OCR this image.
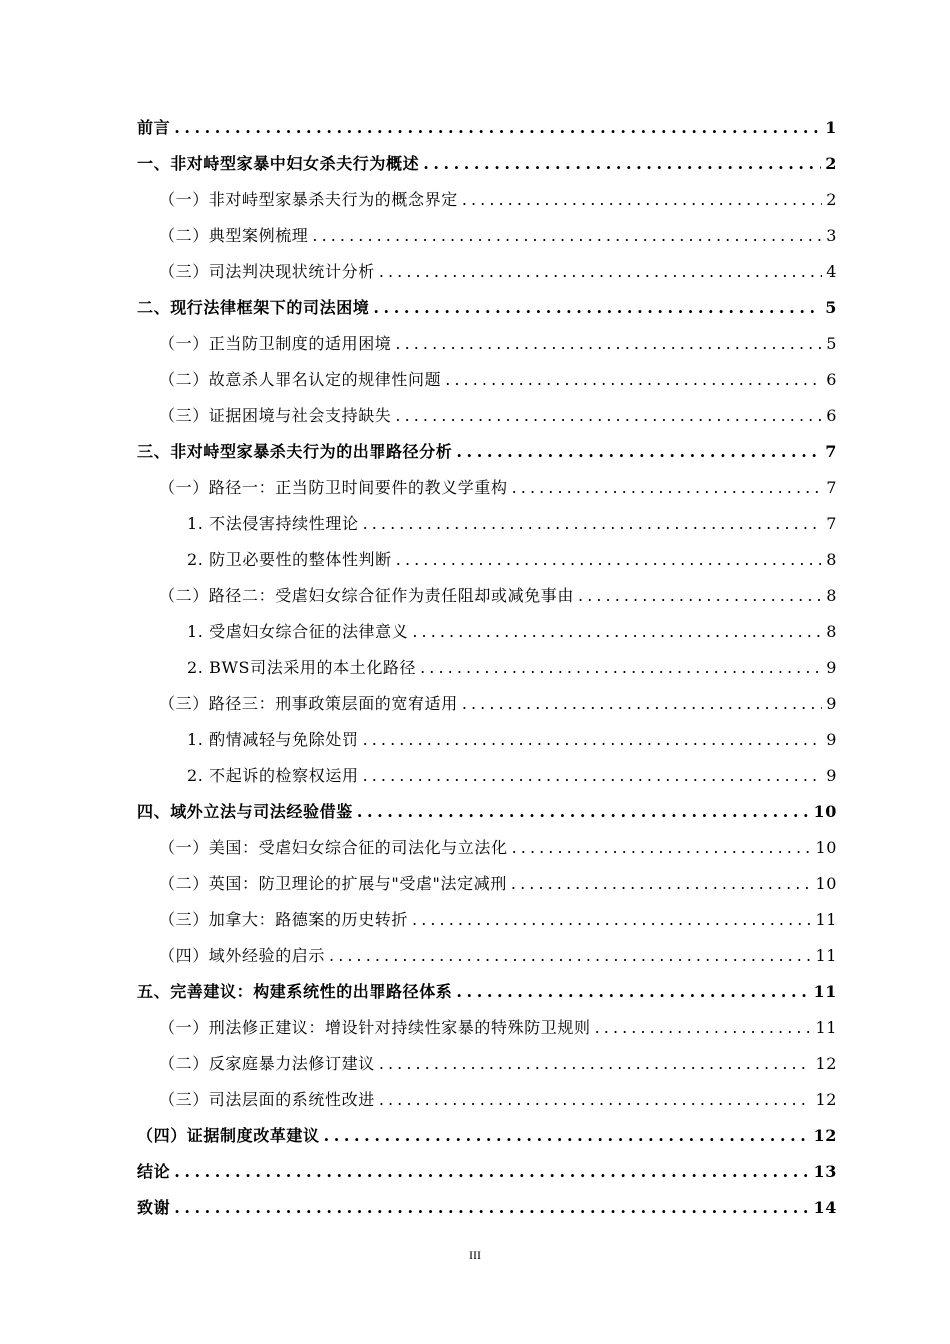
前言 . . .	1
一、非对峙型家暴中妇女杀夫行为概述 . . .	2
（一）非对峙型家暴杀夫行为的概念界定 . . .	2
（二）典型案例梳理 . . .	3
（三）司法判决现状统计分析 . . .	4
二、现行法律框架下的司法困境 . . .	5
（一）正当防卫制度的适用困境 . . .	5
（二）故意杀人罪名认定的规律性问题 . . .	6
（三）证据困境与社会支持缺失 . . .	6
三、非对峙型家暴杀夫行为的出罪路径分析 . . .	7
（一）路径一：正当防卫时间要件的教义学重构 . . .	7
1. 不法侵害持续性理论 . . .	7
2. 防卫必要性的整体性判断 . . .	8
（二）路径二：受虐妇女综合征作为责任阻却或减免事由 . . .	8
1. 受虐妇女综合征的法律意义 . . .	8
2. BWS司法采用的本土化路径 . . .	9
（三）路径三：刑事政策层面的宽宥适用 . . .	9
1. 酌情减轻与免除处罚 . . .	9
2. 不起诉的检察权运用 . . .	9
四、域外立法与司法经验借鉴 . . .	10
（一）美国：受虐妇女综合征的司法化与立法化 . . .	10
（二）英国：防卫理论的扩展与"受虐"法定减刑 . . .	10
（三）加拿大：路德案的历史转折 . . .	11
（四）域外经验的启示 . . .	11
五、完善建议：构建系统性的出罪路径体系 . . .	11
（一）刑法修正建议：增设针对持续性家暴的特殊防卫规则 . . .	11
（二）反家庭暴力法修订建议 . . .	12
（三）司法层面的系统性改进 . . .	12
（四）证据制度改革建议 . . .	12
结论 . . .	13
致谢 . . .	14
III
